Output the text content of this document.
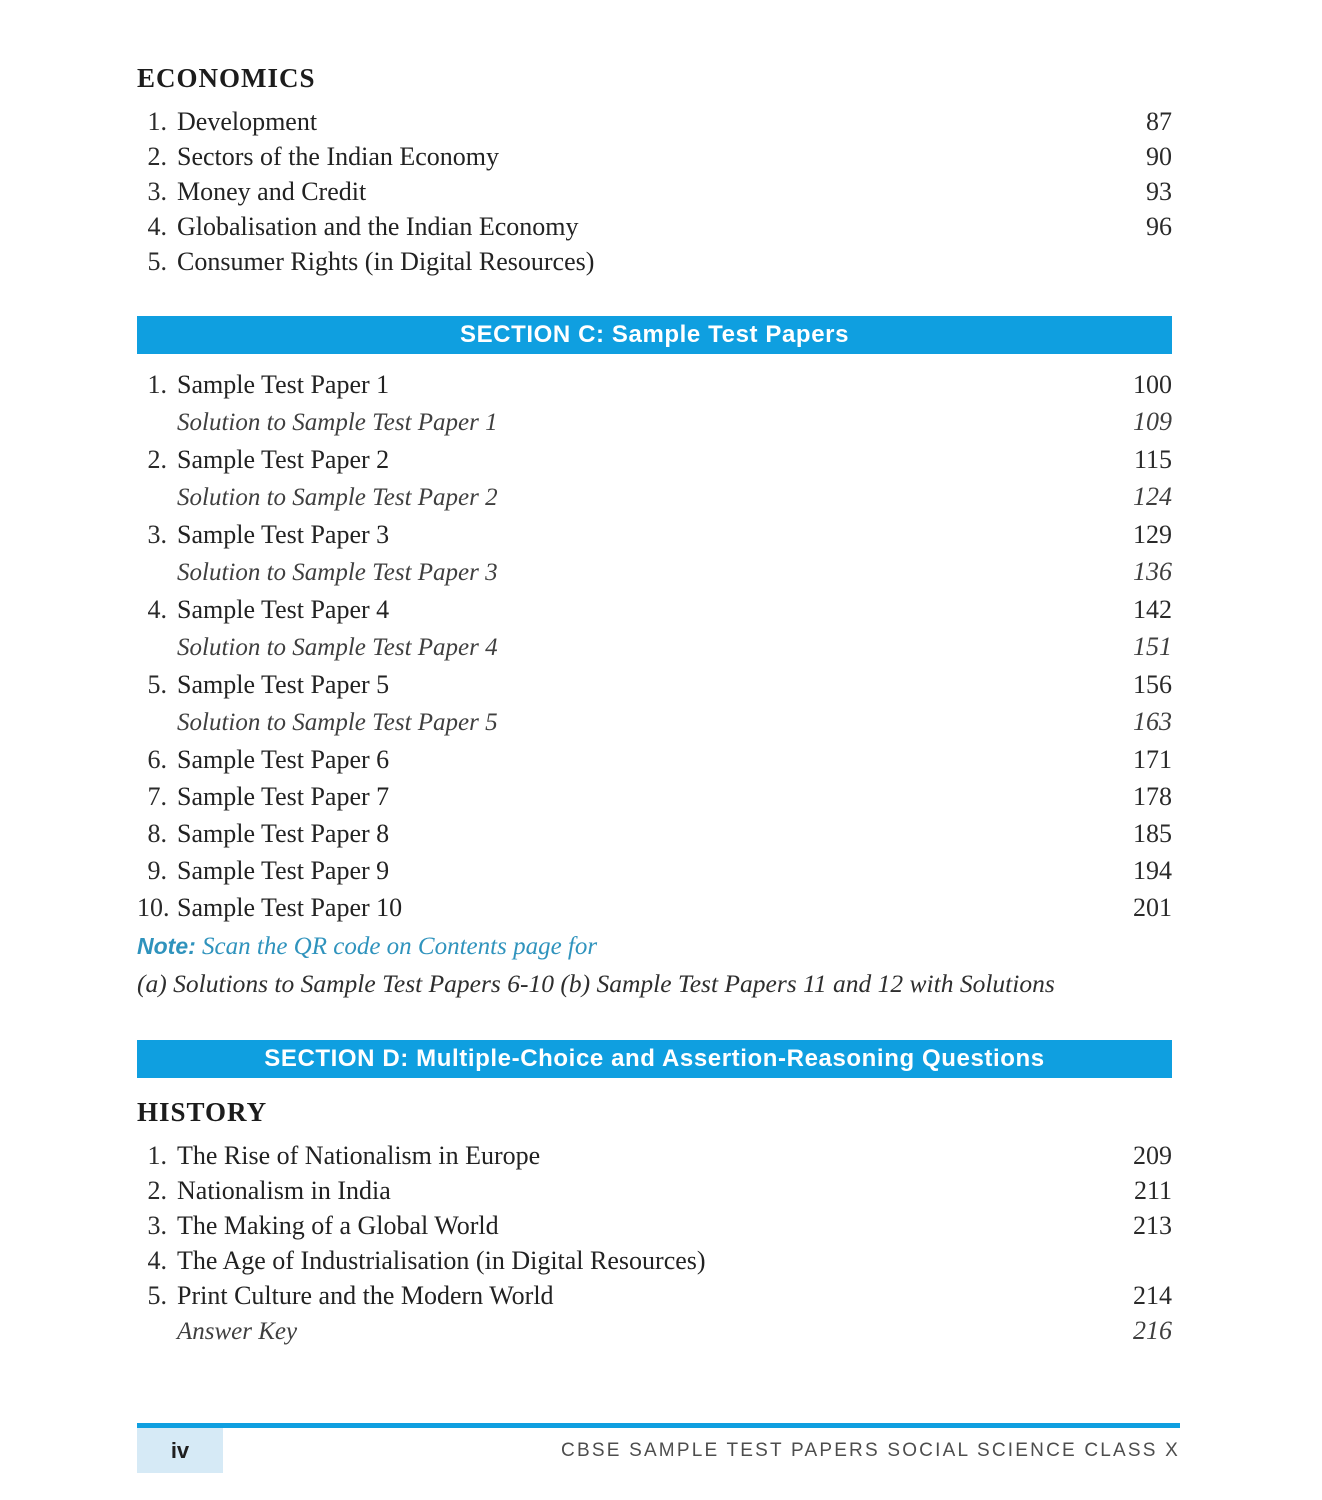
ECONOMICS
1. Development	87
2. Sectors of the Indian Economy	90
3. Money and Credit	93
4. Globalisation and the Indian Economy	96
5. Consumer Rights (in Digital Resources)
SECTION C: Sample Test Papers
1. Sample Test Paper 1	100
Solution to Sample Test Paper 1	109
2. Sample Test Paper 2	115
Solution to Sample Test Paper 2	124
3. Sample Test Paper 3	129
Solution to Sample Test Paper 3	136
4. Sample Test Paper 4	142
Solution to Sample Test Paper 4	151
5. Sample Test Paper 5	156
Solution to Sample Test Paper 5	163
6. Sample Test Paper 6	171
7. Sample Test Paper 7	178
8. Sample Test Paper 8	185
9. Sample Test Paper 9	194
10. Sample Test Paper 10	201
Note: Scan the QR code on Contents page for
(a) Solutions to Sample Test Papers 6-10 (b) Sample Test Papers 11 and 12 with Solutions
SECTION D: Multiple-Choice and Assertion-Reasoning Questions
HISTORY
1. The Rise of Nationalism in Europe	209
2. Nationalism in India	211
3. The Making of a Global World	213
4. The Age of Industrialisation (in Digital Resources)
5. Print Culture and the Modern World	214
Answer Key	216
iv	CBSE SAMPLE TEST PAPERS SOCIAL SCIENCE CLASS X
